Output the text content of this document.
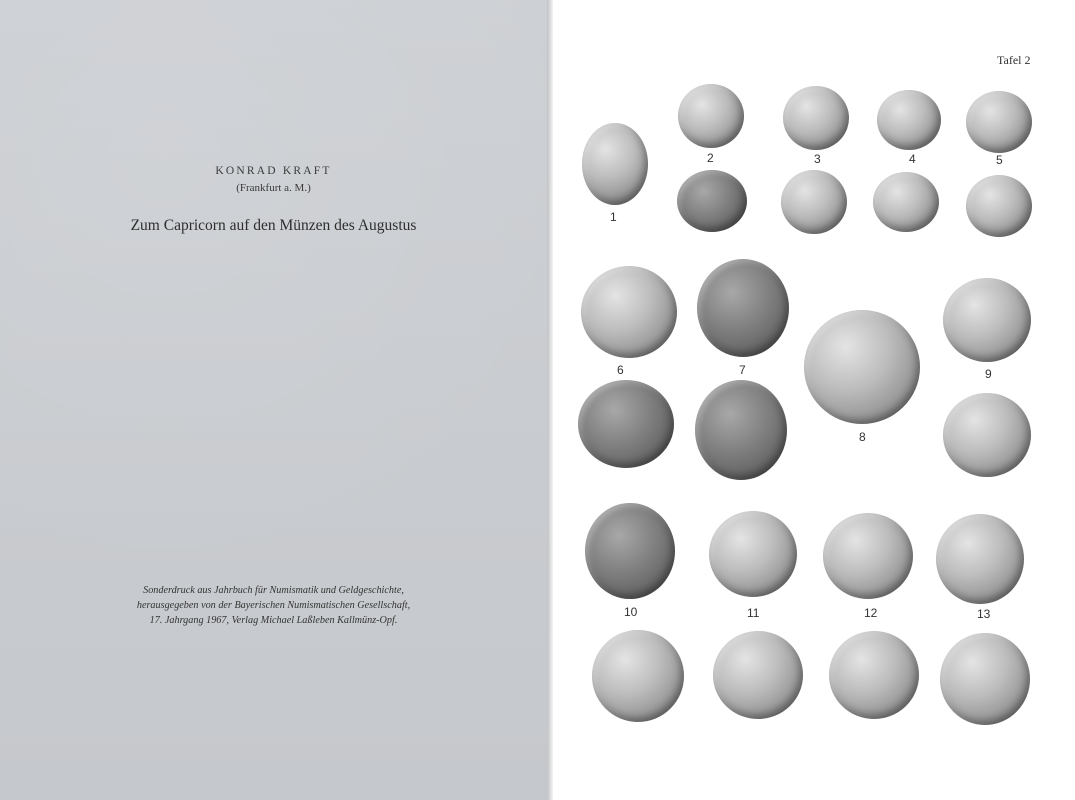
KONRAD KRAFT
(Frankfurt a. M.)
Zum Capricorn auf den Münzen des Augustus
Sonderdruck aus Jahrbuch für Numismatik und Geldgeschichte,
herausgegeben von der Bayerischen Numismatischen Gesellschaft,
17. Jahrgang 1967, Verlag Michael Laßleben Kallmünz-Opf.
Tafel 2
1
2	3	4	5
6	7
8
9
10	11	12	13
